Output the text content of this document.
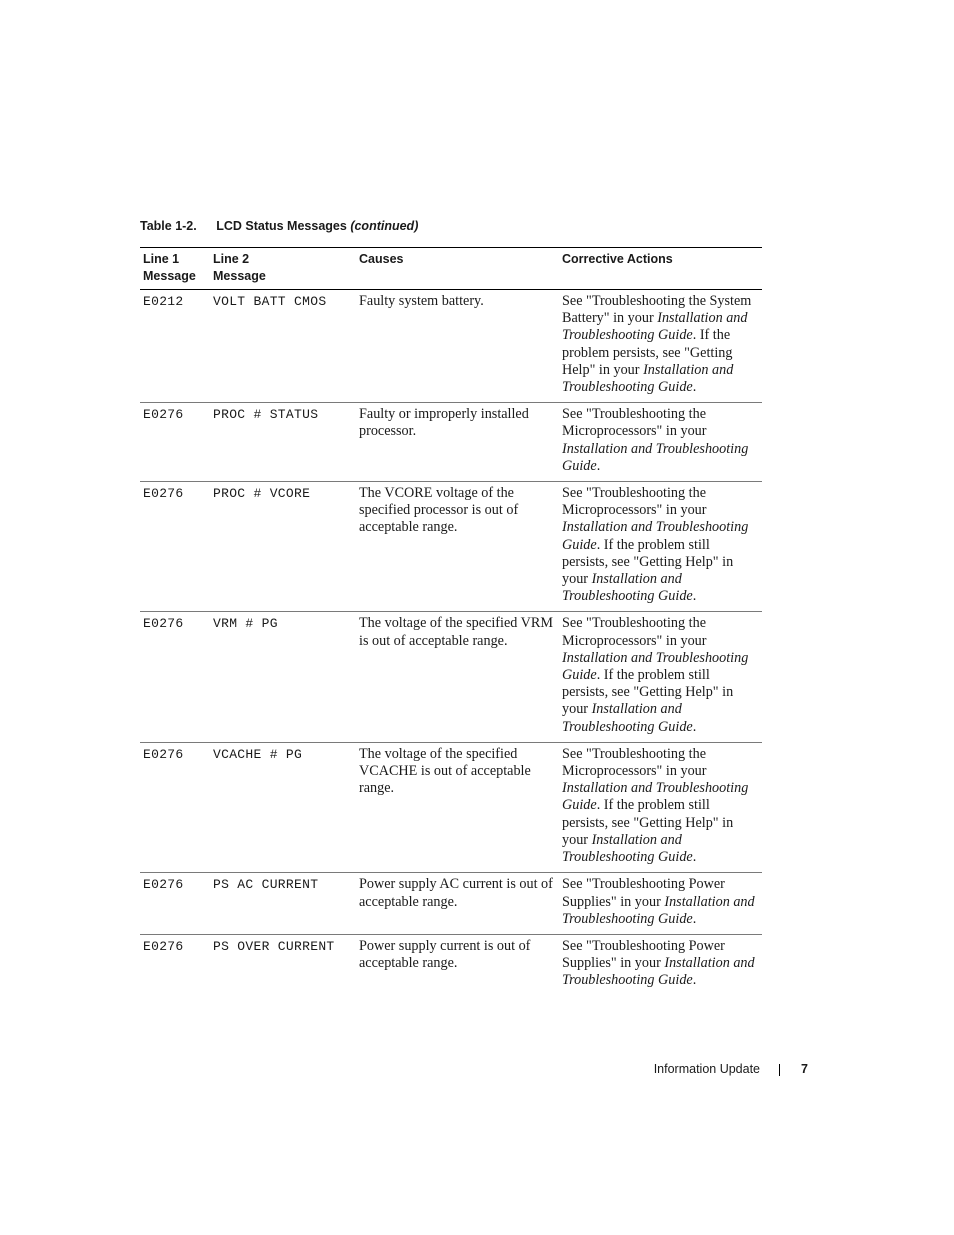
Table 1-2. LCD Status Messages (continued)
Line 1
Message	Line 2
Message	Causes	Corrective Actions
E0212	VOLT BATT CMOS	Faulty system battery.	See "Troubleshooting the System Battery" in your Installation and Troubleshooting Guide. If the problem persists, see "Getting Help" in your Installation and Troubleshooting Guide.
E0276	PROC # STATUS	Faulty or improperly installed processor.	See "Troubleshooting the Microprocessors" in your Installation and Troubleshooting Guide.
E0276	PROC # VCORE	The VCORE voltage of the specified processor is out of acceptable range.	See "Troubleshooting the Microprocessors" in your Installation and Troubleshooting Guide. If the problem still persists, see "Getting Help" in your Installation and Troubleshooting Guide.
E0276	VRM # PG	The voltage of the specified VRM is out of acceptable range.	See "Troubleshooting the Microprocessors" in your Installation and Troubleshooting Guide. If the problem still persists, see "Getting Help" in your Installation and Troubleshooting Guide.
E0276	VCACHE # PG	The voltage of the specified VCACHE is out of acceptable range.	See "Troubleshooting the Microprocessors" in your Installation and Troubleshooting Guide. If the problem still persists, see "Getting Help" in your Installation and Troubleshooting Guide.
E0276	PS AC CURRENT	Power supply AC current is out of acceptable range.	See "Troubleshooting Power Supplies" in your Installation and Troubleshooting Guide.
E0276	PS OVER CURRENT	Power supply current is out of acceptable range.	See "Troubleshooting Power Supplies" in your Installation and Troubleshooting Guide.
Information Update	7
